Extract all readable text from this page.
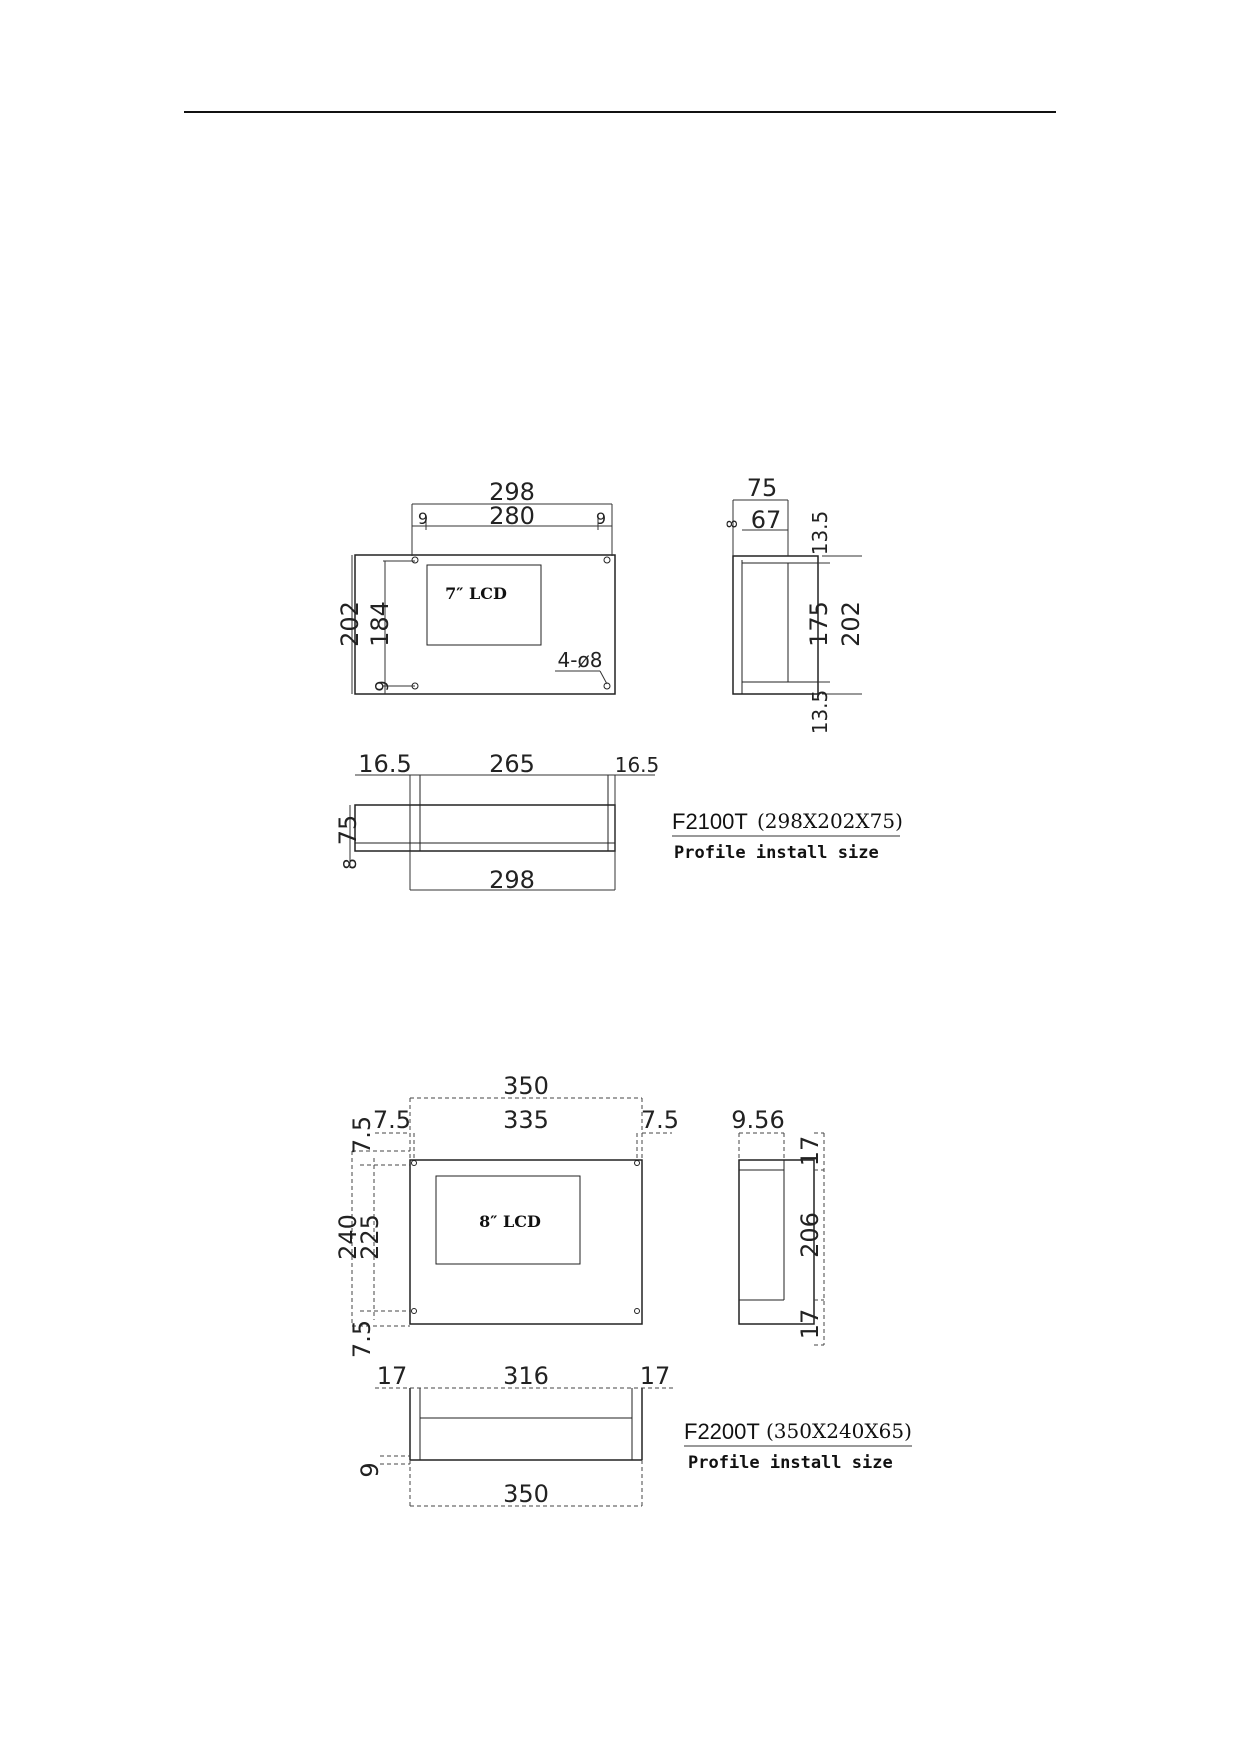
298
280
9	9
202 184
9
7″ LCD
4-ø8
75
67
8	13.5
175 202
13.5
16.5	265	16.5
75
8
298
F2100T (298X202X75)
Profile install size
350
335
7.5	7.5
7.5
240
225
7.5
8″ LCD
9.56
17
206
17
17	316	17
9
350
F2200T (350X240X65)
Profile install size
